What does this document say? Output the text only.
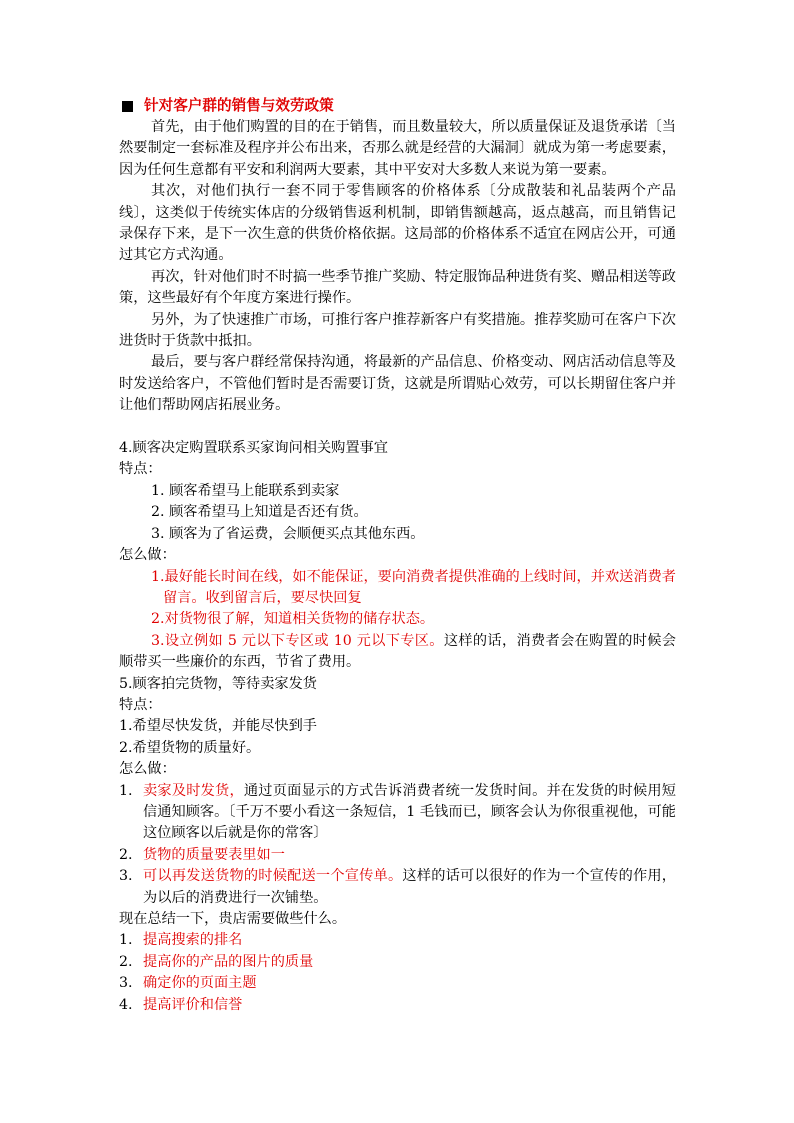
针对客户群的销售与效劳政策

首先，由于他们购置的目的在于销售，而且数量较大，所以质量保证及退货承诺〔当然要制定一套标准及程序并公布出来，否那么就是经营的大漏洞〕就成为第一考虑要素，因为任何生意都有平安和利润两大要素，其中平安对大多数人来说为第一要素。

其次，对他们执行一套不同于零售顾客的价格体系〔分成散装和礼品装两个产品线〕，这类似于传统实体店的分级销售返利机制，即销售额越高，返点越高，而且销售记录保存下来，是下一次生意的供货价格依据。这局部的价格体系不适宜在网店公开，可通过其它方式沟通。

再次，针对他们时不时搞一些季节推广奖励、特定服饰品种进货有奖、赠品相送等政策，这些最好有个年度方案进行操作。

另外，为了快速推广市场，可推行客户推荐新客户有奖措施。推荐奖励可在客户下次进货时于货款中抵扣。

最后，要与客户群经常保持沟通，将最新的产品信息、价格变动、网店活动信息等及时发送给客户，不管他们暂时是否需要订货，这就是所谓贴心效劳，可以长期留住客户并让他们帮助网店拓展业务。

4.顾客决定购置联系买家询问相关购置事宜

特点：

1.
顾客希望马上能联系到卖家
2.
顾客希望马上知道是否还有货。
3.
顾客为了省运费，会顺便买点其他东西。

怎么做：

1.最好能长时间在线，如不能保证，要向消费者提供准确的上线时间，并欢送消费者留言。收到留言后，要尽快回复

2.对货物很了解，知道相关货物的储存状态。

3.设立例如 5 元以下专区或 10 元以下专区。这样的话，消费者会在购置的时候会顺带买一些廉价的东西，节省了费用。

5.顾客拍完货物，等待卖家发货

特点：

1.希望尽快发货，并能尽快到手

2.希望货物的质量好。

怎么做：

1. 卖家及时发货，通过页面显示的方式告诉消费者统一发货时间。并在发货的时候用短信通知顾客。〔千万不要小看这一条短信，1 毛钱而已，顾客会认为你很重视他，可能这位顾客以后就是你的常客〕
2. 货物的质量要表里如一
3. 可以再发送货物的时候配送一个宣传单。这样的话可以很好的作为一个宣传的作用，为以后的消费进行一次铺垫。

现在总结一下，贵店需要做些什么。

1. 提高搜索的排名
2. 提高你的产品的图片的质量
3. 确定你的页面主题
4. 提高评价和信誉
